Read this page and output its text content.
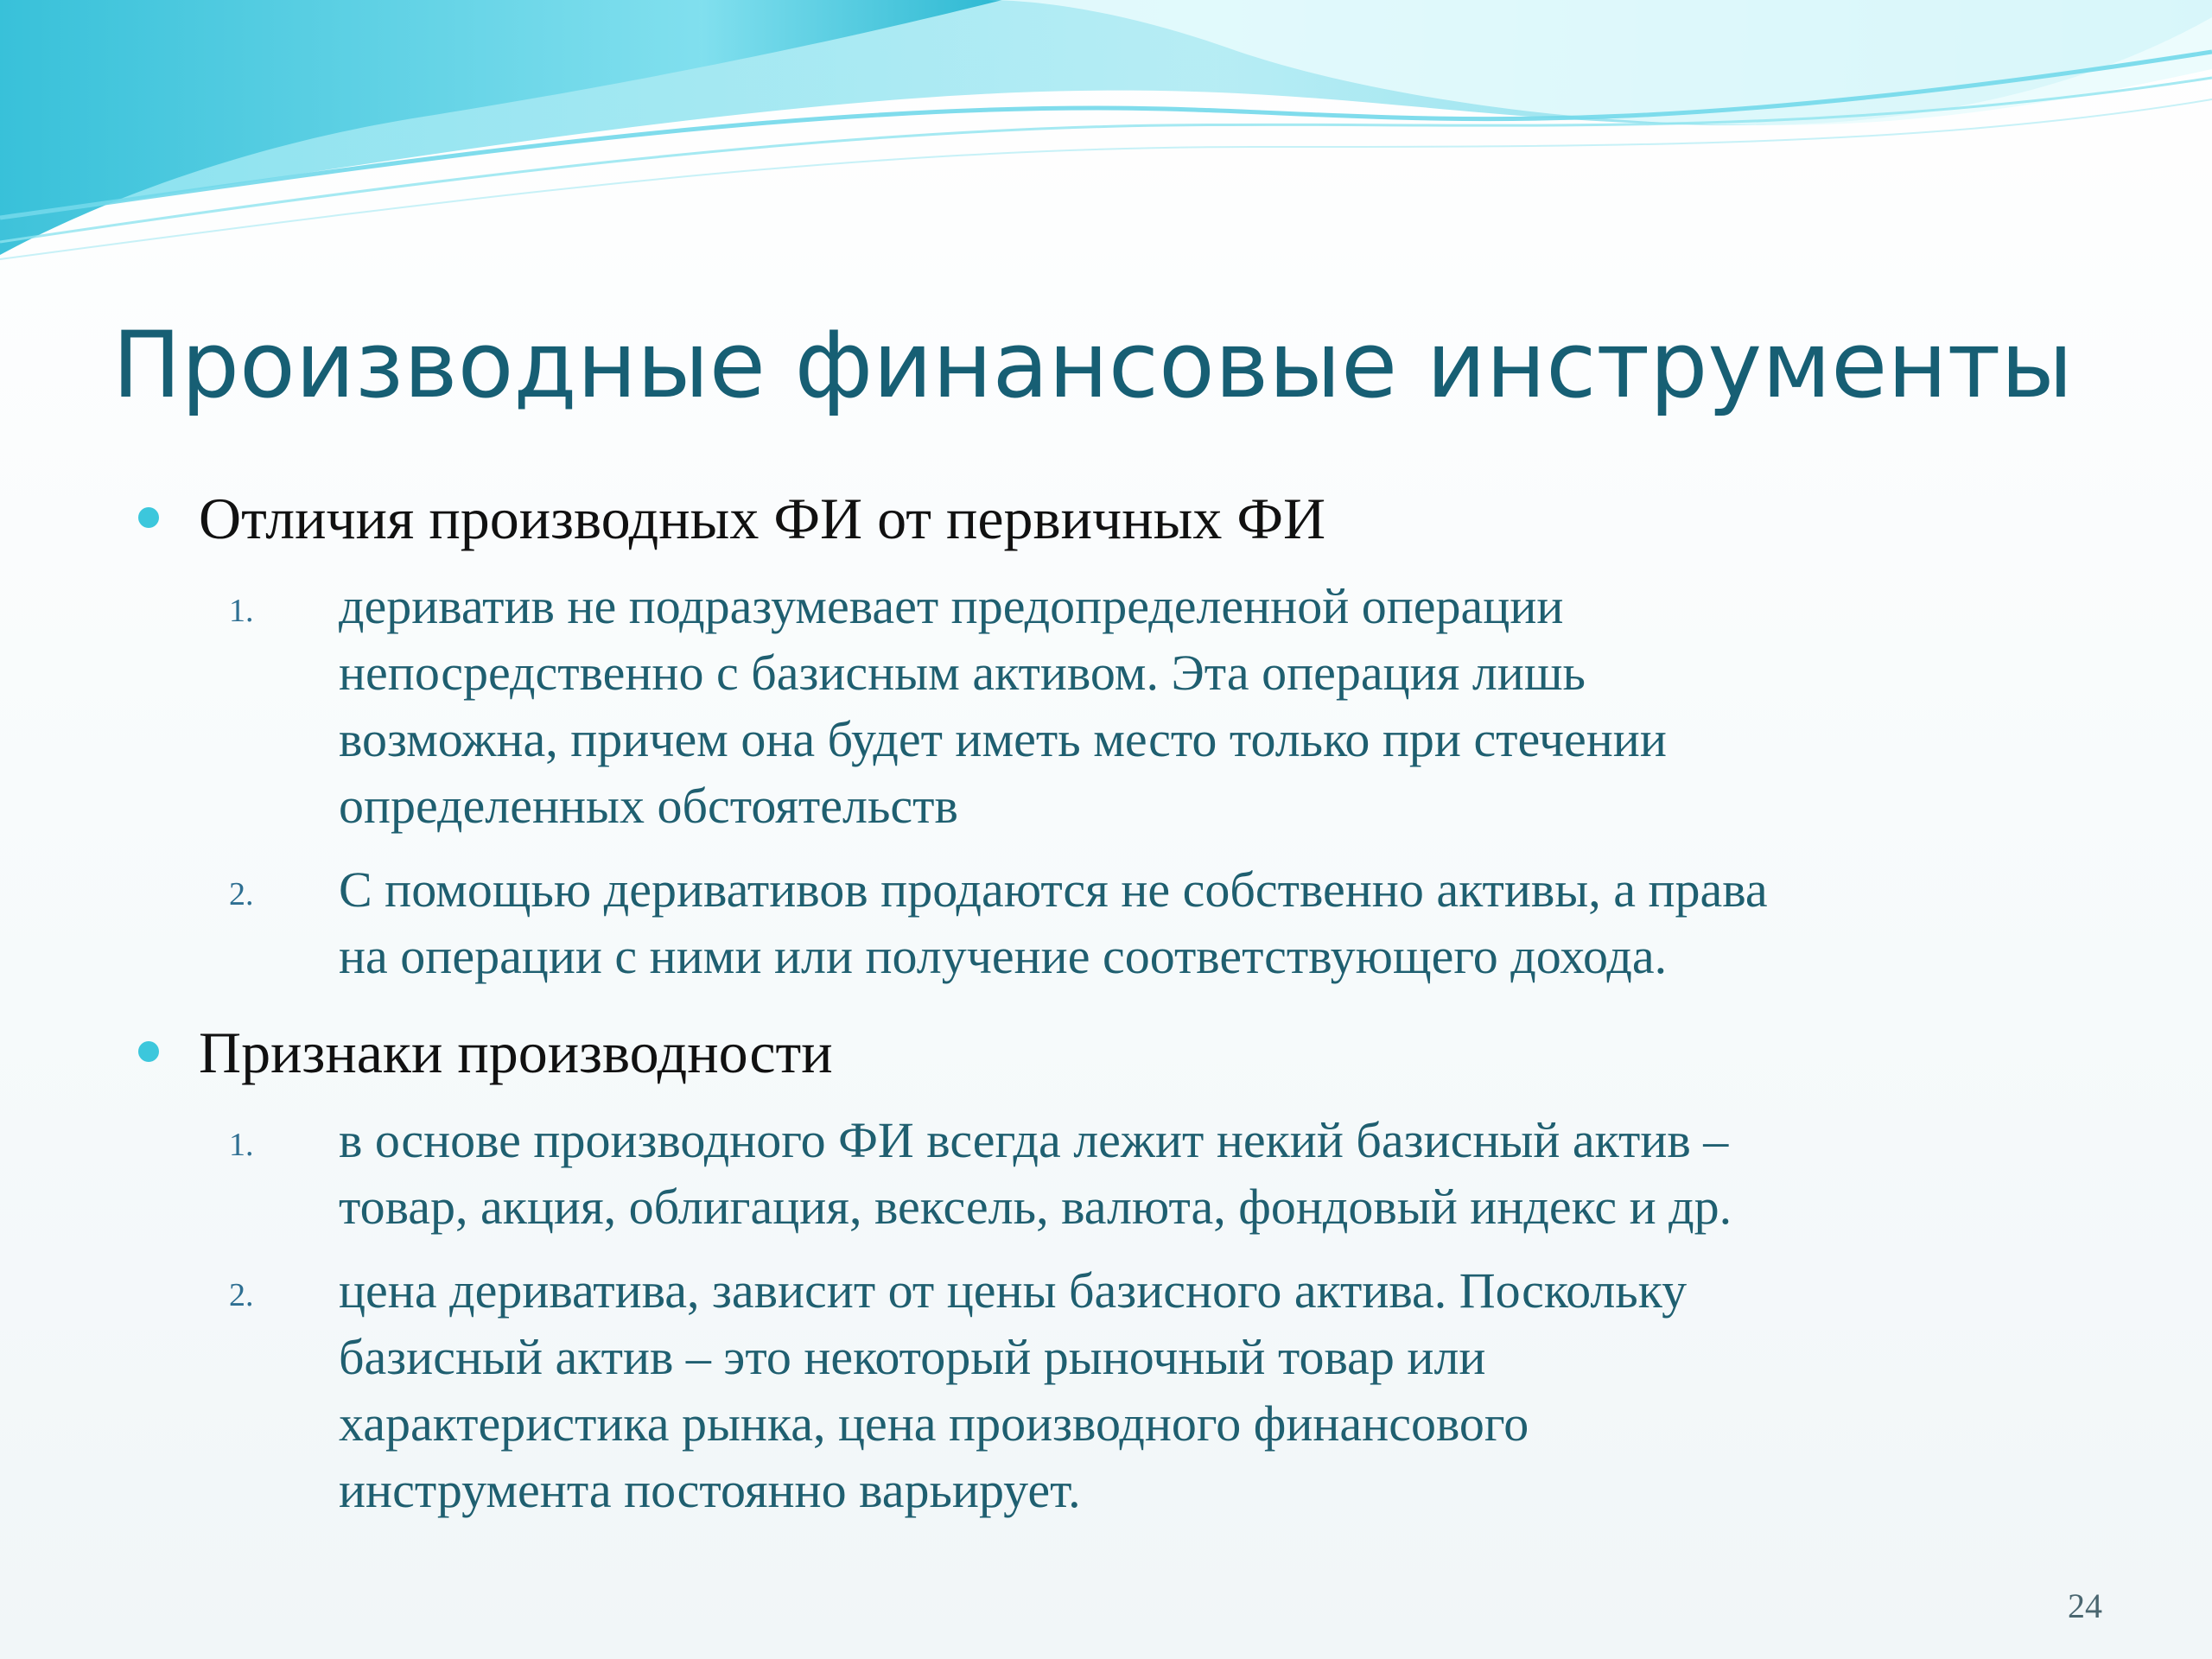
Производные финансовые инструменты
Отличия производных ФИ от первичных ФИ
1. дериватив не подразумевает предопределенной операции
непосредственно с базисным активом. Эта операция лишь
возможна, причем она будет иметь место только при стечении
определенных обстоятельств
2. С помощью деривативов продаются не собственно активы, а права
на операции с ними или получение соответствующего дохода.
Признаки производности
1. в основе производного ФИ всегда лежит некий базисный актив –
товар, акция, облигация, вексель, валюта, фондовый индекс и др.
2. цена дериватива, зависит от цены базисного актива. Поскольку
базисный актив – это некоторый рыночный товар или
характеристика рынка, цена производного финансового
инструмента постоянно варьирует.
24
